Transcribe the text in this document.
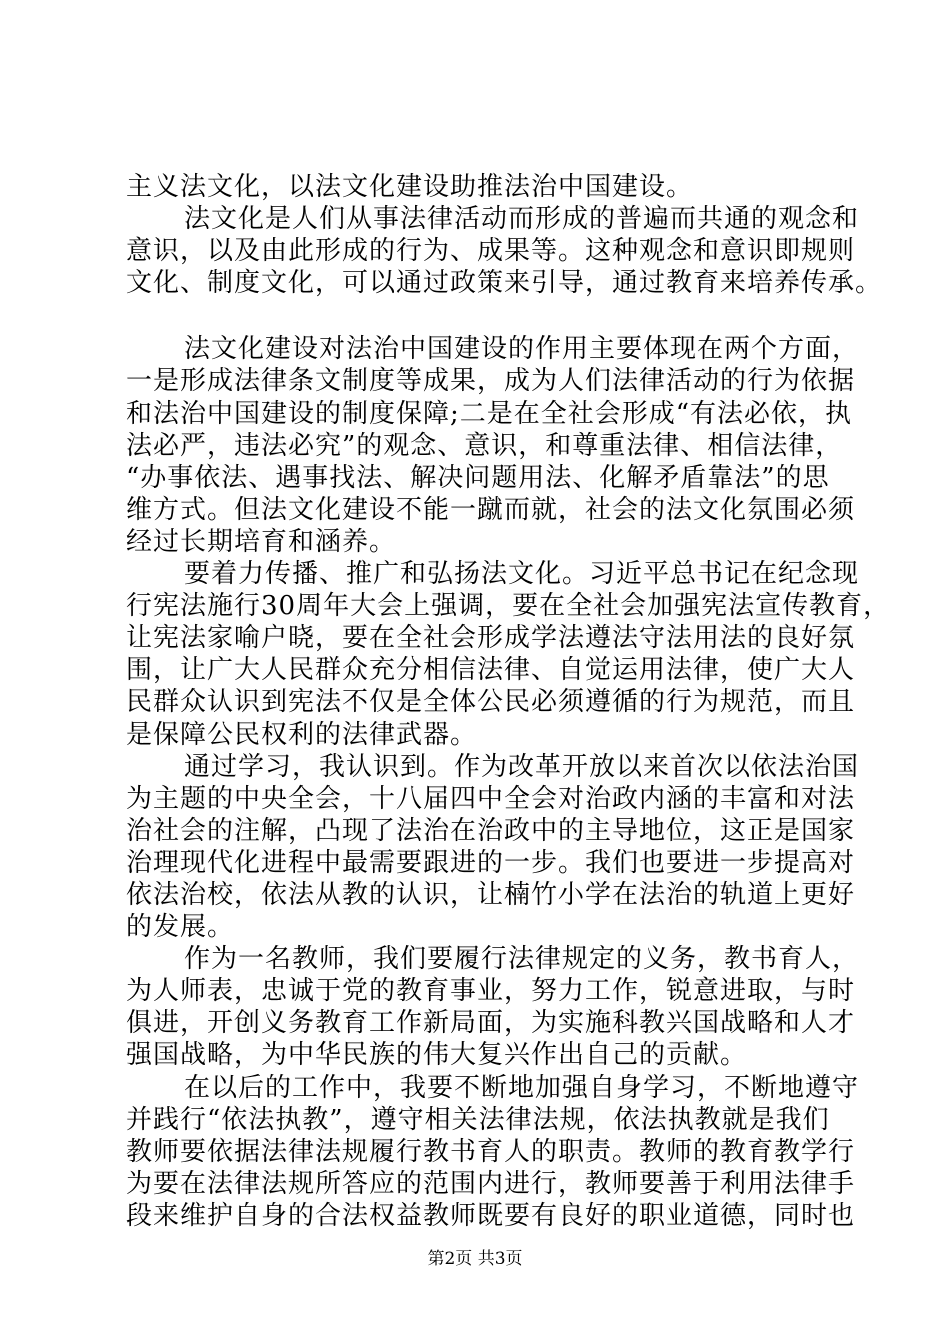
主义法文化，以法文化建设助推法治中国建设。
法文化是人们从事法律活动而形成的普遍而共通的观念和
意识，以及由此形成的行为、成果等。这种观念和意识即规则
文化、制度文化，可以通过政策来引导，通过教育来培养传承。
法文化建设对法治中国建设的作用主要体现在两个方面，
一是形成法律条文制度等成果，成为人们法律活动的行为依据
和法治中国建设的制度保障;二是在全社会形成“有法必依，执
法必严，违法必究”的观念、意识，和尊重法律、相信法律，
“办事依法、遇事找法、解决问题用法、化解矛盾靠法”的思
维方式。但法文化建设不能一蹴而就，社会的法文化氛围必须
经过长期培育和涵养。
要着力传播、推广和弘扬法文化。习近平总书记在纪念现
行宪法施行30周年大会上强调，要在全社会加强宪法宣传教育，
让宪法家喻户晓，要在全社会形成学法遵法守法用法的良好氛
围，让广大人民群众充分相信法律、自觉运用法律，使广大人
民群众认识到宪法不仅是全体公民必须遵循的行为规范，而且
是保障公民权利的法律武器。
通过学习，我认识到。作为改革开放以来首次以依法治国
为主题的中央全会，十八届四中全会对治政内涵的丰富和对法
治社会的注解，凸现了法治在治政中的主导地位，这正是国家
治理现代化进程中最需要跟进的一步。我们也要进一步提高对
依法治校，依法从教的认识，让楠竹小学在法治的轨道上更好
的发展。
作为一名教师，我们要履行法律规定的义务，教书育人，
为人师表，忠诚于党的教育事业，努力工作，锐意进取，与时
俱进，开创义务教育工作新局面，为实施科教兴国战略和人才
强国战略，为中华民族的伟大复兴作出自己的贡献。
在以后的工作中，我要不断地加强自身学习，不断地遵守
并践行“依法执教”，遵守相关法律法规，依法执教就是我们
教师要依据法律法规履行教书育人的职责。教师的教育教学行
为要在法律法规所答应的范围内进行，教师要善于利用法律手
段来维护自身的合法权益教师既要有良好的职业道德，同时也
第2页 共3页
